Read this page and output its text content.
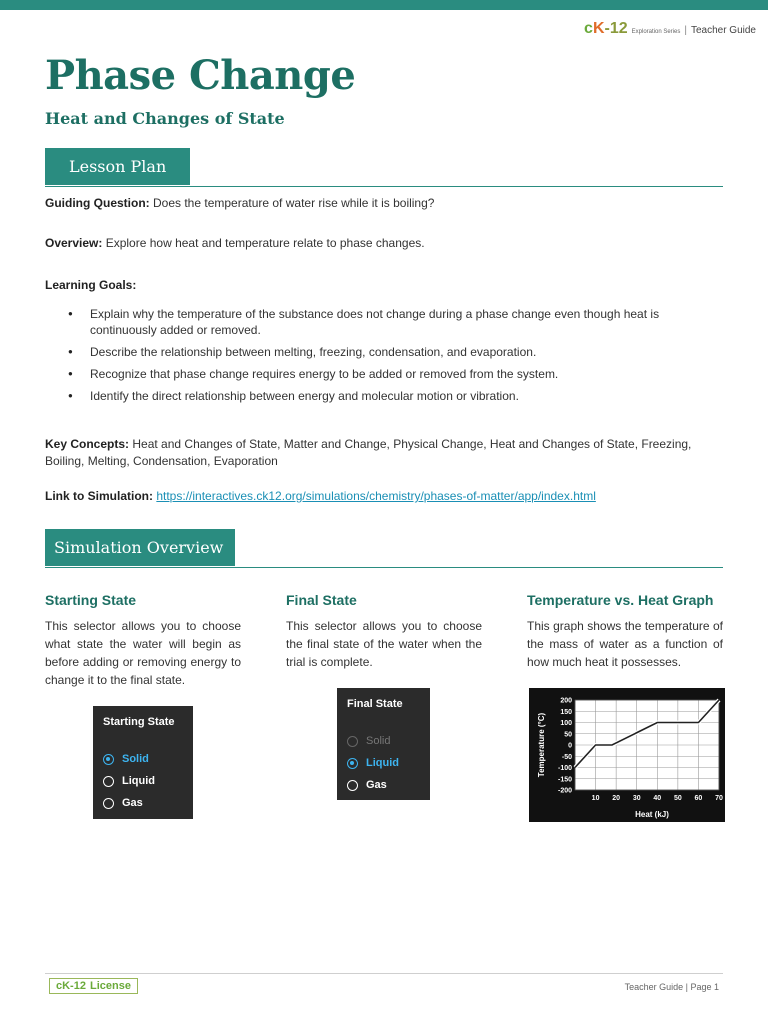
cK-12 Exploration Series | Teacher Guide
Phase Change

Heat and Changes of State

Lesson Plan

Guiding Question: Does the temperature of water rise while it is boiling?

Overview: Explore how heat and temperature relate to phase changes.

Learning Goals:

● Explain why the temperature of the substance does not change during a phase change even though heat is continuously added or removed.
● Describe the relationship between melting, freezing, condensation, and evaporation.
● Recognize that phase change requires energy to be added or removed from the system.
● Identify the direct relationship between energy and molecular motion or vibration.

Key Concepts: Heat and Changes of State, Matter and Change, Physical Change, Heat and Changes of State, Freezing, Boiling, Melting, Condensation, Evaporation

Link to Simulation: https://interactives.ck12.org/simulations/chemistry/phases-of-matter/app/index.html

Simulation Overview

Starting State	Final State	Temperature vs. Heat Graph

This selector allows you to choose what state the water will begin as before adding or removing energy to change it to the final state.

This selector allows you to choose the final state of the water when the trial is complete.

This graph shows the temperature of the mass of water as a function of how much heat it possesses.

Starting State
Solid
Liquid
Gas
Final State
Solid
Liquid
Gas
200
150
100
50
0
-50
-100
-150
-200
10 20 30 40 50 60 70
Heat (kJ)
Temperature (°C)
cK-12 License	Teacher Guide | Page 1
